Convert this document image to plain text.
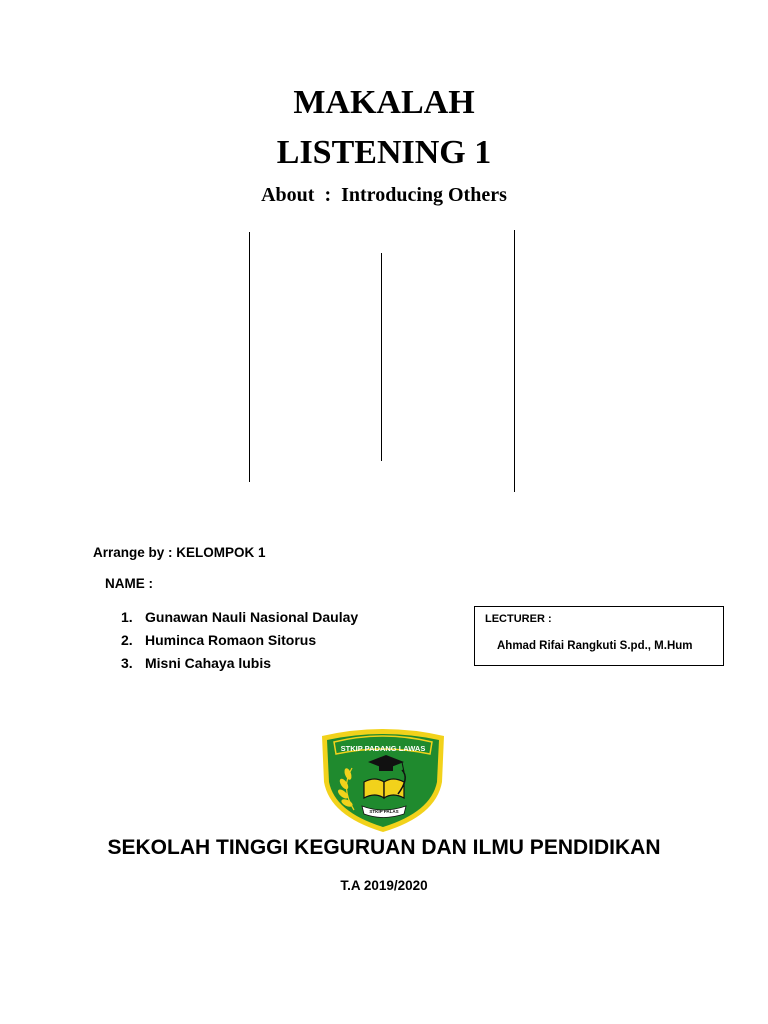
MAKALAH
LISTENING 1
About  :  Introducing Others
Arrange by : KELOMPOK 1
NAME :
1. Gunawan Nauli Nasional Daulay
2. Huminca Romaon Sitorus
3. Misni Cahaya lubis
LECTURER :
Ahmad Rifai Rangkuti S.pd., M.Hum
STKIP PADANG LAWAS
STKIP PALAS
SEKOLAH TINGGI KEGURUAN DAN ILMU PENDIDIKAN
T.A 2019/2020
